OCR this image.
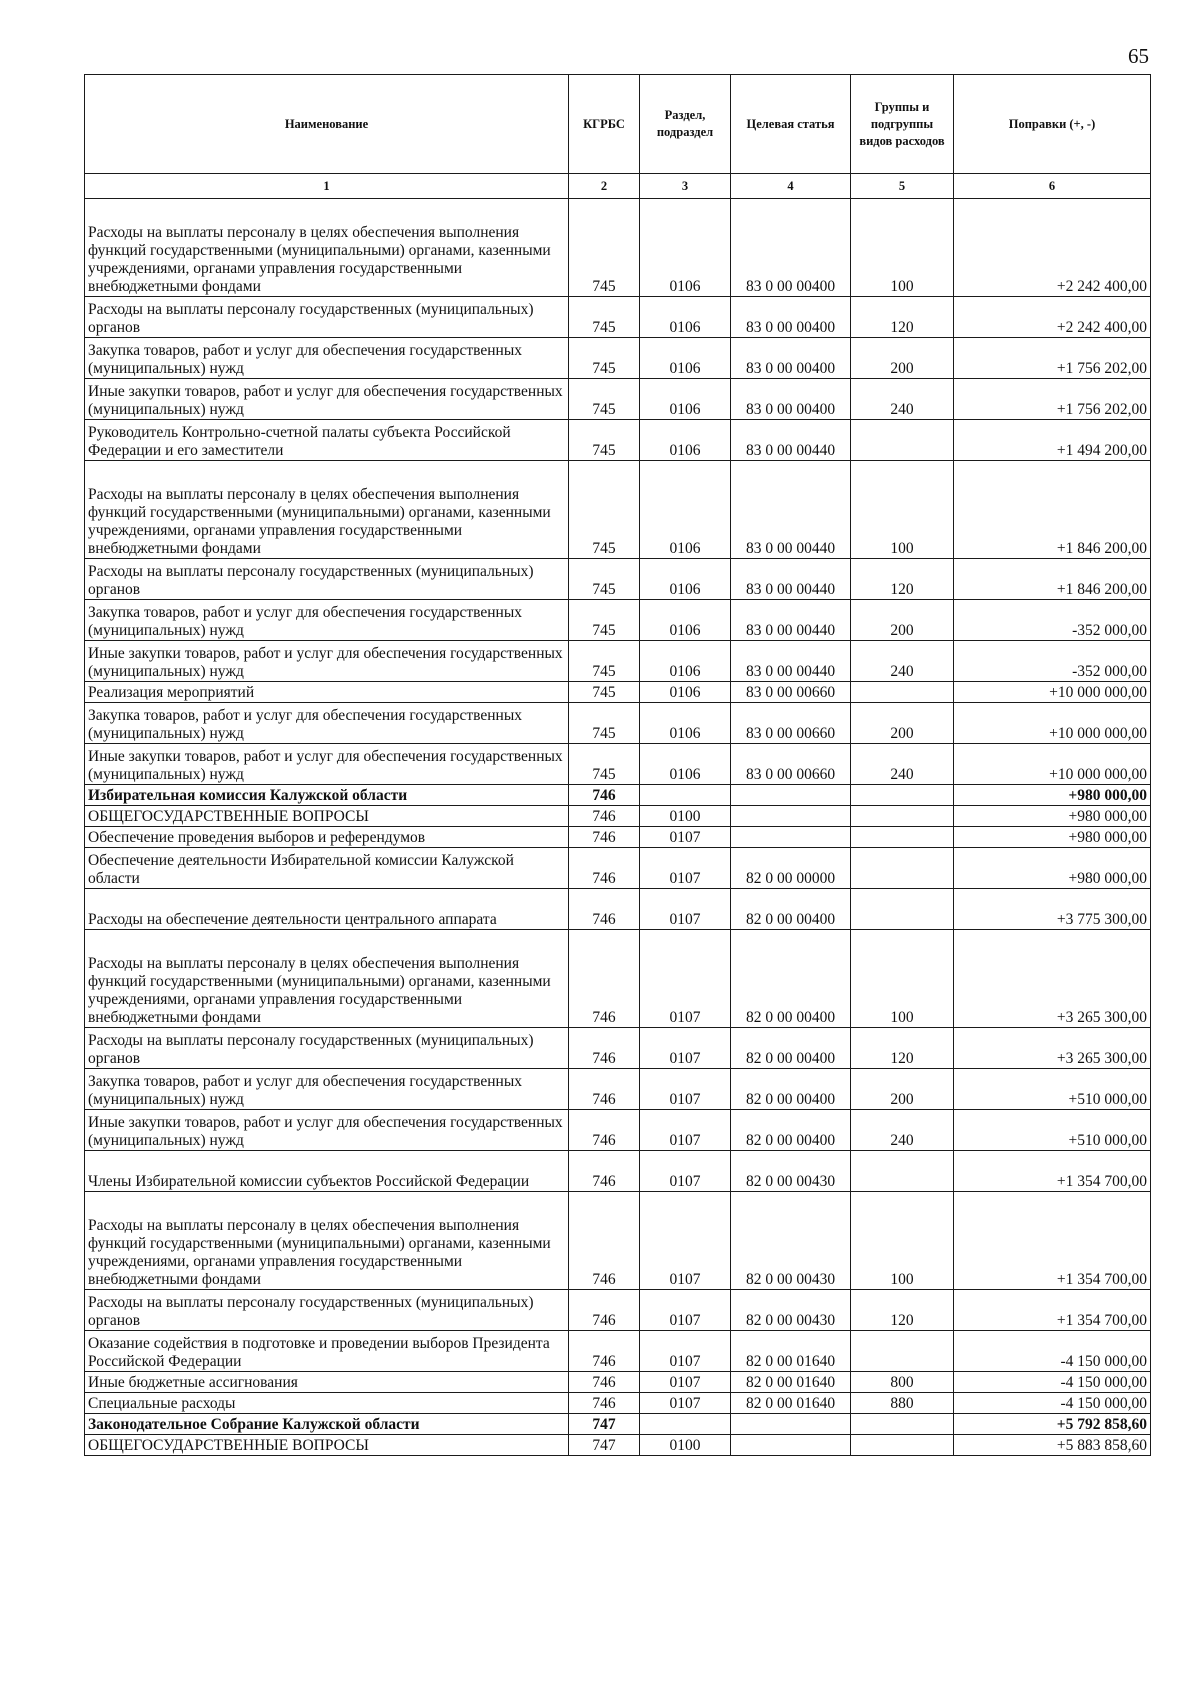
65
Наименование	КГРБС	Раздел, подраздел	Целевая статья	Группы и подгруппы видов расходов	Поправки (+, -)
1	2	3	4	5	6
Расходы на выплаты персоналу в целях обеспечения выполнения функций государственными (муниципальными) органами, казенными учреждениями, органами управления государственными внебюджетными фондами	745	0106	83 0 00 00400	100	+2 242 400,00
Расходы на выплаты персоналу государственных (муниципальных) органов	745	0106	83 0 00 00400	120	+2 242 400,00
Закупка товаров, работ и услуг для обеспечения государственных (муниципальных) нужд	745	0106	83 0 00 00400	200	+1 756 202,00
Иные закупки товаров, работ и услуг для обеспечения государственных (муниципальных) нужд	745	0106	83 0 00 00400	240	+1 756 202,00
Руководитель Контрольно-счетной палаты субъекта Российской Федерации и его заместители	745	0106	83 0 00 00440		+1 494 200,00
Расходы на выплаты персоналу в целях обеспечения выполнения функций государственными (муниципальными) органами, казенными учреждениями, органами управления государственными внебюджетными фондами	745	0106	83 0 00 00440	100	+1 846 200,00
Расходы на выплаты персоналу государственных (муниципальных) органов	745	0106	83 0 00 00440	120	+1 846 200,00
Закупка товаров, работ и услуг для обеспечения государственных (муниципальных) нужд	745	0106	83 0 00 00440	200	-352 000,00
Иные закупки товаров, работ и услуг для обеспечения государственных (муниципальных) нужд	745	0106	83 0 00 00440	240	-352 000,00
Реализация мероприятий	745	0106	83 0 00 00660		+10 000 000,00
Закупка товаров, работ и услуг для обеспечения государственных (муниципальных) нужд	745	0106	83 0 00 00660	200	+10 000 000,00
Иные закупки товаров, работ и услуг для обеспечения государственных (муниципальных) нужд	745	0106	83 0 00 00660	240	+10 000 000,00
Избирательная комиссия Калужской области	746				+980 000,00
ОБЩЕГОСУДАРСТВЕННЫЕ ВОПРОСЫ	746	0100			+980 000,00
Обеспечение проведения выборов и референдумов	746	0107			+980 000,00
Обеспечение деятельности Избирательной комиссии Калужской области	746	0107	82 0 00 00000		+980 000,00
Расходы на обеспечение деятельности центрального аппарата	746	0107	82 0 00 00400		+3 775 300,00
Расходы на выплаты персоналу в целях обеспечения выполнения функций государственными (муниципальными) органами, казенными учреждениями, органами управления государственными внебюджетными фондами	746	0107	82 0 00 00400	100	+3 265 300,00
Расходы на выплаты персоналу государственных (муниципальных) органов	746	0107	82 0 00 00400	120	+3 265 300,00
Закупка товаров, работ и услуг для обеспечения государственных (муниципальных) нужд	746	0107	82 0 00 00400	200	+510 000,00
Иные закупки товаров, работ и услуг для обеспечения государственных (муниципальных) нужд	746	0107	82 0 00 00400	240	+510 000,00
Члены Избирательной комиссии субъектов Российской Федерации	746	0107	82 0 00 00430		+1 354 700,00
Расходы на выплаты персоналу в целях обеспечения выполнения функций государственными (муниципальными) органами, казенными учреждениями, органами управления государственными внебюджетными фондами	746	0107	82 0 00 00430	100	+1 354 700,00
Расходы на выплаты персоналу государственных (муниципальных) органов	746	0107	82 0 00 00430	120	+1 354 700,00
Оказание содействия в подготовке и проведении выборов Президента Российской Федерации	746	0107	82 0 00 01640		-4 150 000,00
Иные бюджетные ассигнования	746	0107	82 0 00 01640	800	-4 150 000,00
Специальные расходы	746	0107	82 0 00 01640	880	-4 150 000,00
Законодательное Собрание Калужской области	747				+5 792 858,60
ОБЩЕГОСУДАРСТВЕННЫЕ ВОПРОСЫ	747	0100			+5 883 858,60
